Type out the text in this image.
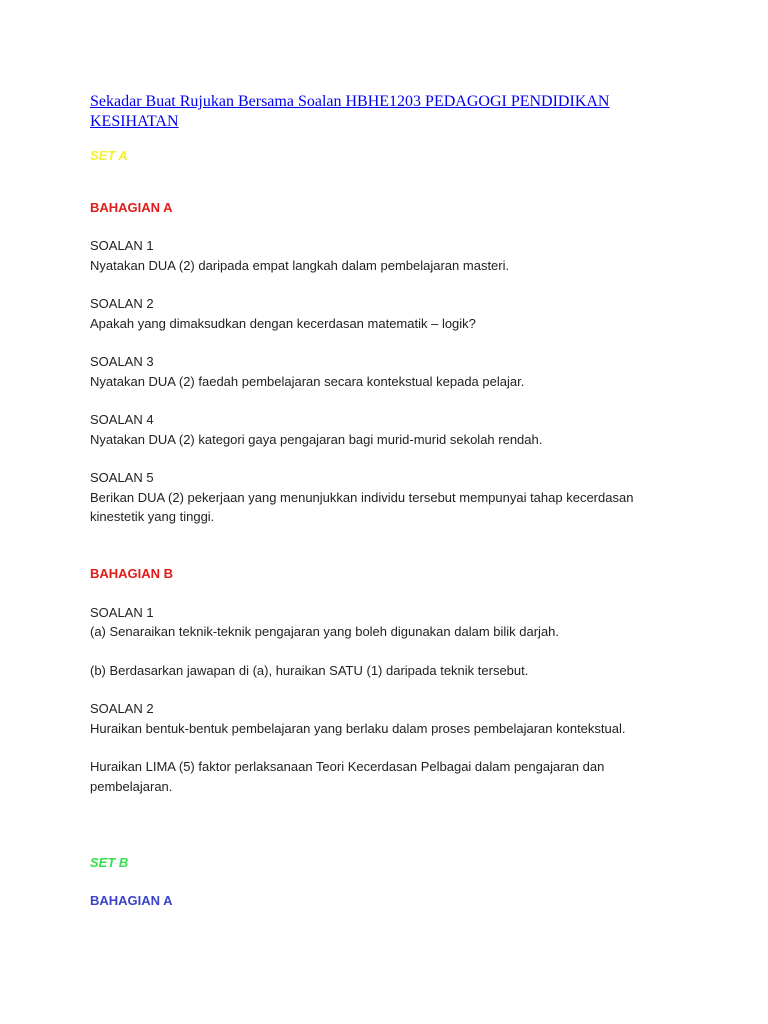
Sekadar Buat Rujukan Bersama Soalan HBHE1203 PEDAGOGI PENDIDIKAN KESIHATAN
SET A
BAHAGIAN A
SOALAN 1
Nyatakan DUA (2) daripada empat langkah dalam pembelajaran masteri.
SOALAN 2
Apakah yang dimaksudkan dengan kecerdasan matematik – logik?
SOALAN 3
Nyatakan DUA (2) faedah pembelajaran secara kontekstual kepada pelajar.
SOALAN 4
Nyatakan DUA (2) kategori gaya pengajaran bagi murid-murid sekolah rendah.
SOALAN 5
Berikan DUA (2) pekerjaan yang menunjukkan individu tersebut mempunyai tahap kecerdasan kinestetik yang tinggi.
BAHAGIAN B
SOALAN 1
(a) Senaraikan teknik-teknik pengajaran yang boleh digunakan dalam bilik darjah.
(b) Berdasarkan jawapan di (a), huraikan SATU (1) daripada teknik tersebut.
SOALAN 2
Huraikan bentuk-bentuk pembelajaran yang berlaku dalam proses pembelajaran kontekstual.
Huraikan LIMA (5) faktor perlaksanaan Teori Kecerdasan Pelbagai dalam pengajaran dan pembelajaran.
SET B
BAHAGIAN A
